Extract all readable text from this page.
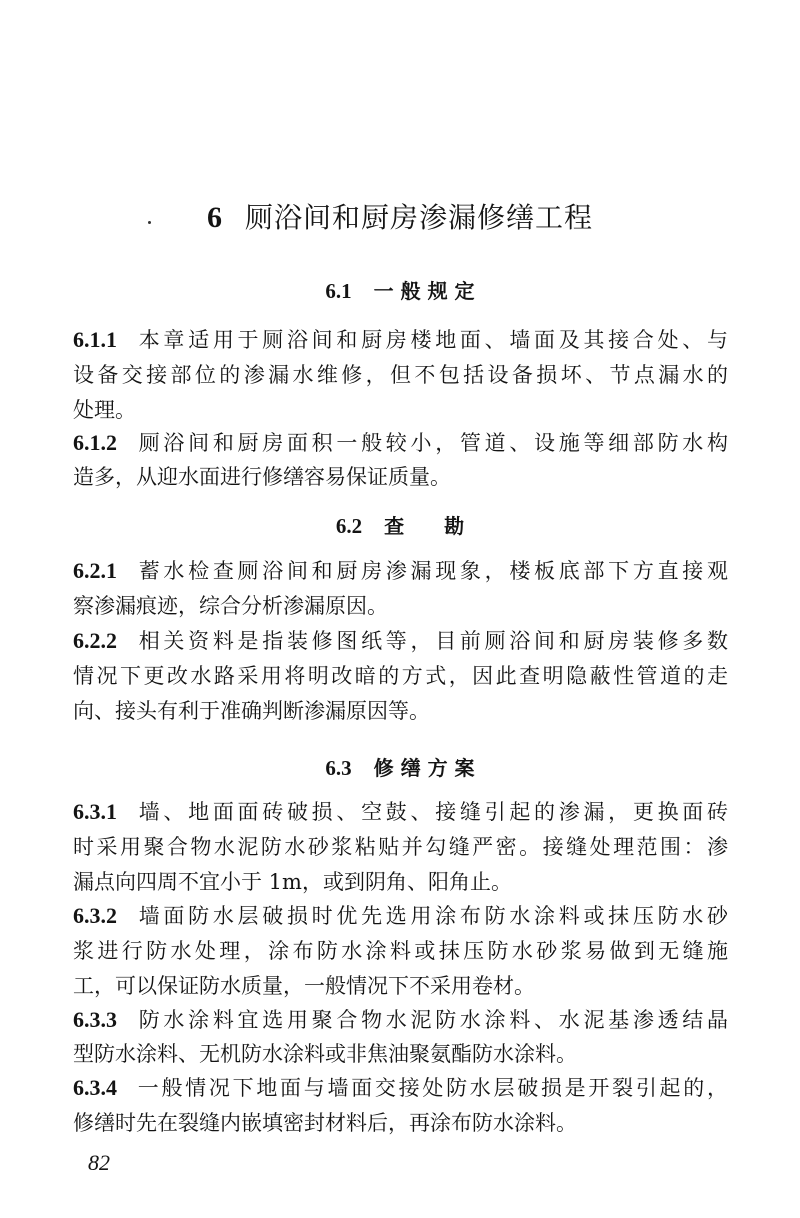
6 厕浴间和厨房渗漏修缮工程
6.1 一 般 规 定
6.1.1 本章适用于厕浴间和厨房楼地面、墙面及其接合处、与
设备交接部位的渗漏水维修，但不包括设备损坏、节点漏水的
处理。
6.1.2 厕浴间和厨房面积一般较小，管道、设施等细部防水构
造多，从迎水面进行修缮容易保证质量。
6.2 查　　勘
6.2.1 蓄水检查厕浴间和厨房渗漏现象，楼板底部下方直接观
察渗漏痕迹，综合分析渗漏原因。
6.2.2 相关资料是指装修图纸等，目前厕浴间和厨房装修多数
情况下更改水路采用将明改暗的方式，因此查明隐蔽性管道的走
向、接头有利于准确判断渗漏原因等。
6.3 修 缮 方 案
6.3.1 墙、地面面砖破损、空鼓、接缝引起的渗漏，更换面砖
时采用聚合物水泥防水砂浆粘贴并勾缝严密。接缝处理范围：渗
漏点向四周不宜小于 1m，或到阴角、阳角止。
6.3.2 墙面防水层破损时优先选用涂布防水涂料或抹压防水砂
浆进行防水处理，涂布防水涂料或抹压防水砂浆易做到无缝施
工，可以保证防水质量，一般情况下不采用卷材。
6.3.3 防水涂料宜选用聚合物水泥防水涂料、水泥基渗透结晶
型防水涂料、无机防水涂料或非焦油聚氨酯防水涂料。
6.3.4 一般情况下地面与墙面交接处防水层破损是开裂引起的，
修缮时先在裂缝内嵌填密封材料后，再涂布防水涂料。
82
